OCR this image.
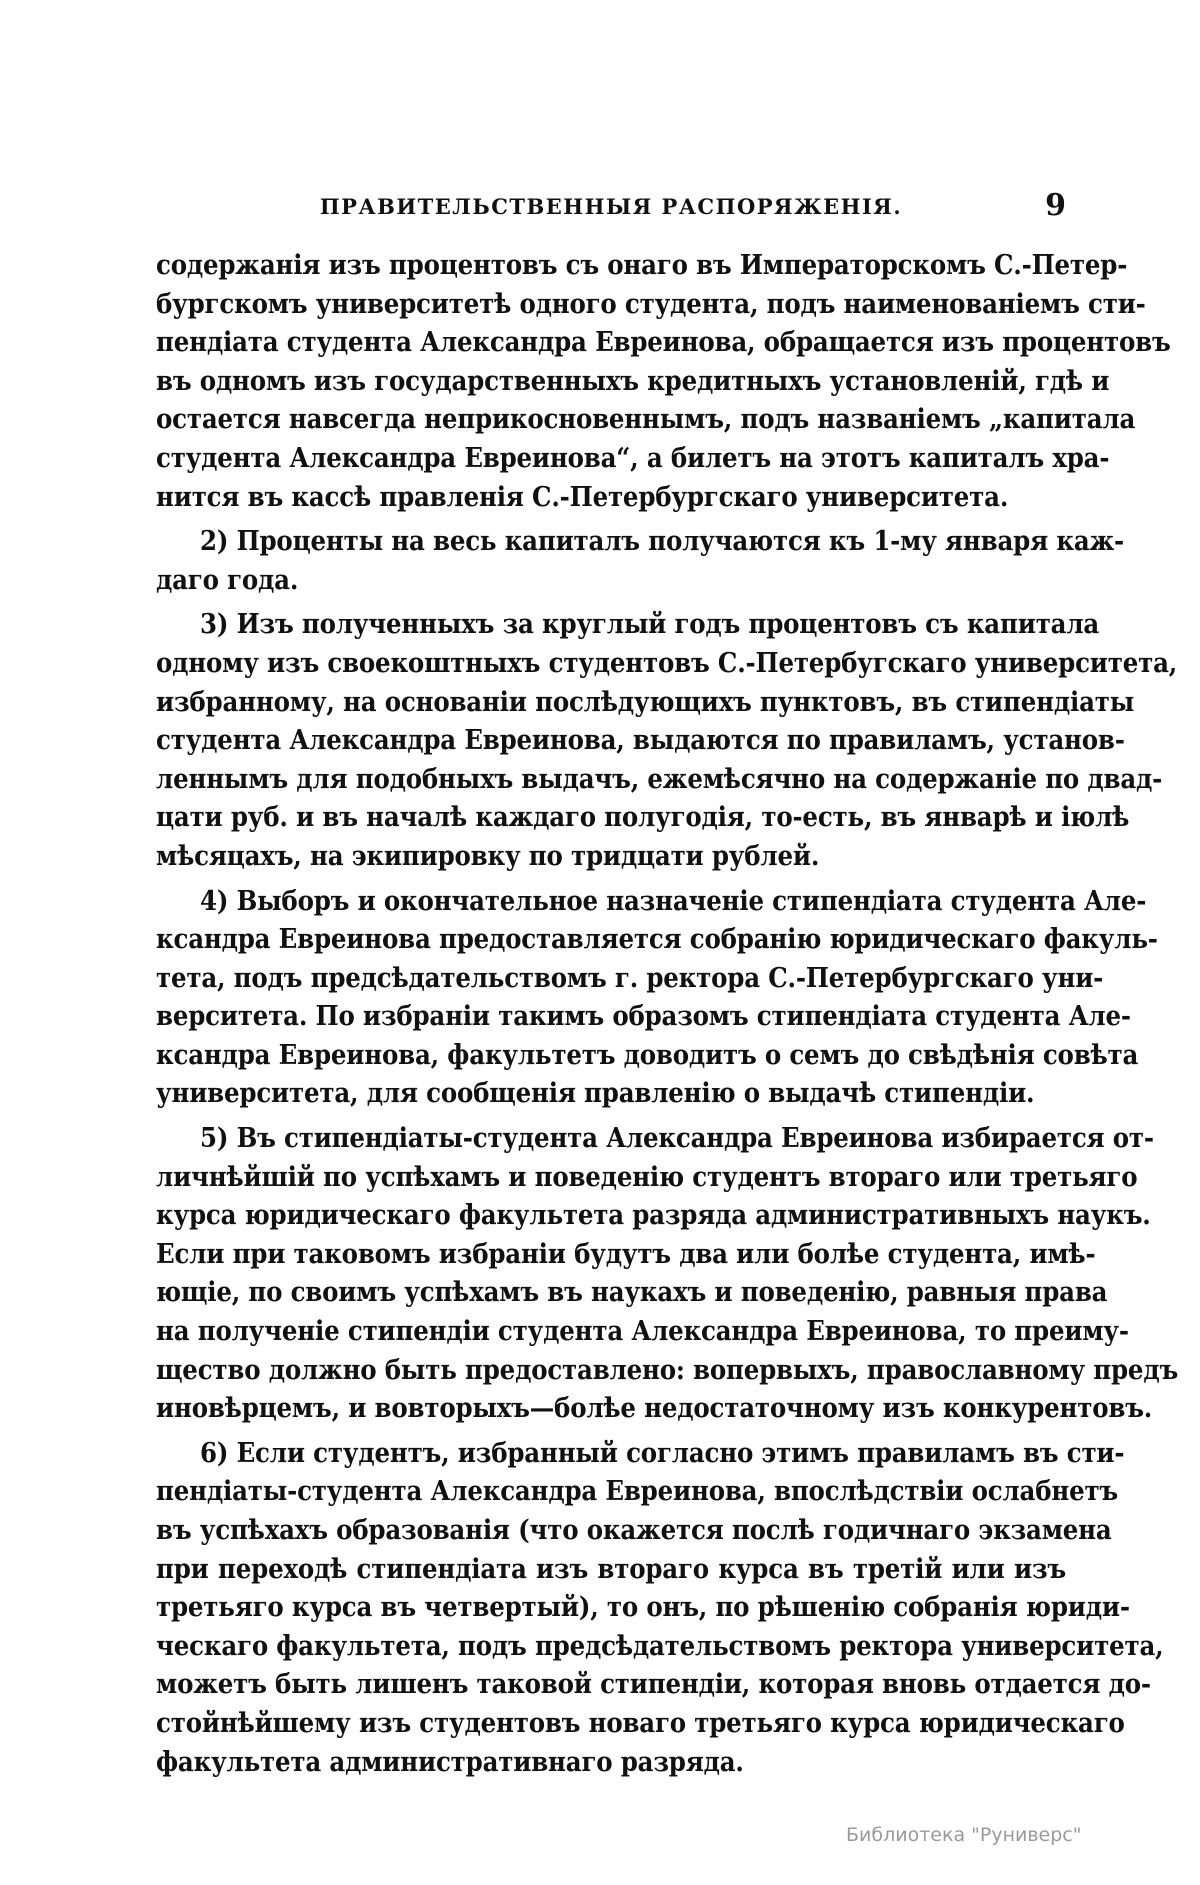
ПРАВИТЕЛЬСТВЕННЫЯ РАСПОРЯЖЕНІЯ.	9
содержанія изъ процентовъ съ онаго въ Императорскомъ С.-Петер-
бургскомъ университетѣ одного студента, подъ наименованіемъ сти-
пендіата студента Александра Евреинова, обращается изъ процентовъ
въ одномъ изъ государственныхъ кредитныхъ установленій, гдѣ и
остается навсегда неприкосновеннымъ, подъ названіемъ „капитала
студента Александра Евреинова“, а билетъ на этотъ капиталъ хра-
нится въ кассѣ правленія С.-Петербургскаго университета.
2) Проценты на весь капиталъ получаются къ 1-му января каж-
даго года.
3) Изъ полученныхъ за круглый годъ процентовъ съ капитала
одному изъ своекоштныхъ студентовъ С.-Петербугскаго университета,
избранному, на основаніи послѣдующихъ пунктовъ, въ стипендіаты
студента Александра Евреинова, выдаются по правиламъ, установ-
леннымъ для подобныхъ выдачъ, ежемѣсячно на содержаніе по двад-
цати руб. и въ началѣ каждаго полугодія, то-есть, въ январѣ и іюлѣ
мѣсяцахъ, на экипировку по тридцати рублей.
4) Выборъ и окончательное назначеніе стипендіата студента Але-
ксандра Евреинова предоставляется собранію юридическаго факуль-
тета, подъ предсѣдательствомъ г. ректора С.-Петербургскаго уни-
верситета. По избраніи такимъ образомъ стипендіата студента Але-
ксандра Евреинова, факультетъ доводитъ о семъ до свѣдѣнія совѣта
университета, для сообщенія правленію о выдачѣ стипендіи.
5) Въ стипендіаты-студента Александра Евреинова избирается от-
личнѣйшій по успѣхамъ и поведенію студентъ втораго или третьяго
курса юридическаго факультета разряда административныхъ наукъ.
Если при таковомъ избраніи будутъ два или болѣе студента, имѣ-
ющіе, по своимъ успѣхамъ въ наукахъ и поведенію, равныя права
на полученіе стипендіи студента Александра Евреинова, то преиму-
щество должно быть предоставлено: вопервыхъ, православному предъ
иновѣрцемъ, и вовторыхъ—болѣе недостаточному изъ конкурентовъ.
6) Если студентъ, избранный согласно этимъ правиламъ въ сти-
пендіаты-студента Александра Евреинова, впослѣдствіи ослабнетъ
въ успѣхахъ образованія (что окажется послѣ годичнаго экзамена
при переходѣ стипендіата изъ втораго курса въ третій или изъ
третьяго курса въ четвертый), то онъ, по рѣшенію собранія юриди-
ческаго факультета, подъ предсѣдательствомъ ректора университета,
можетъ быть лишенъ таковой стипендіи, которая вновь отдается до-
стойнѣйшему изъ студентовъ новаго третьяго курса юридическаго
факультета административнаго разряда.
Библиотека "Руниверс"
